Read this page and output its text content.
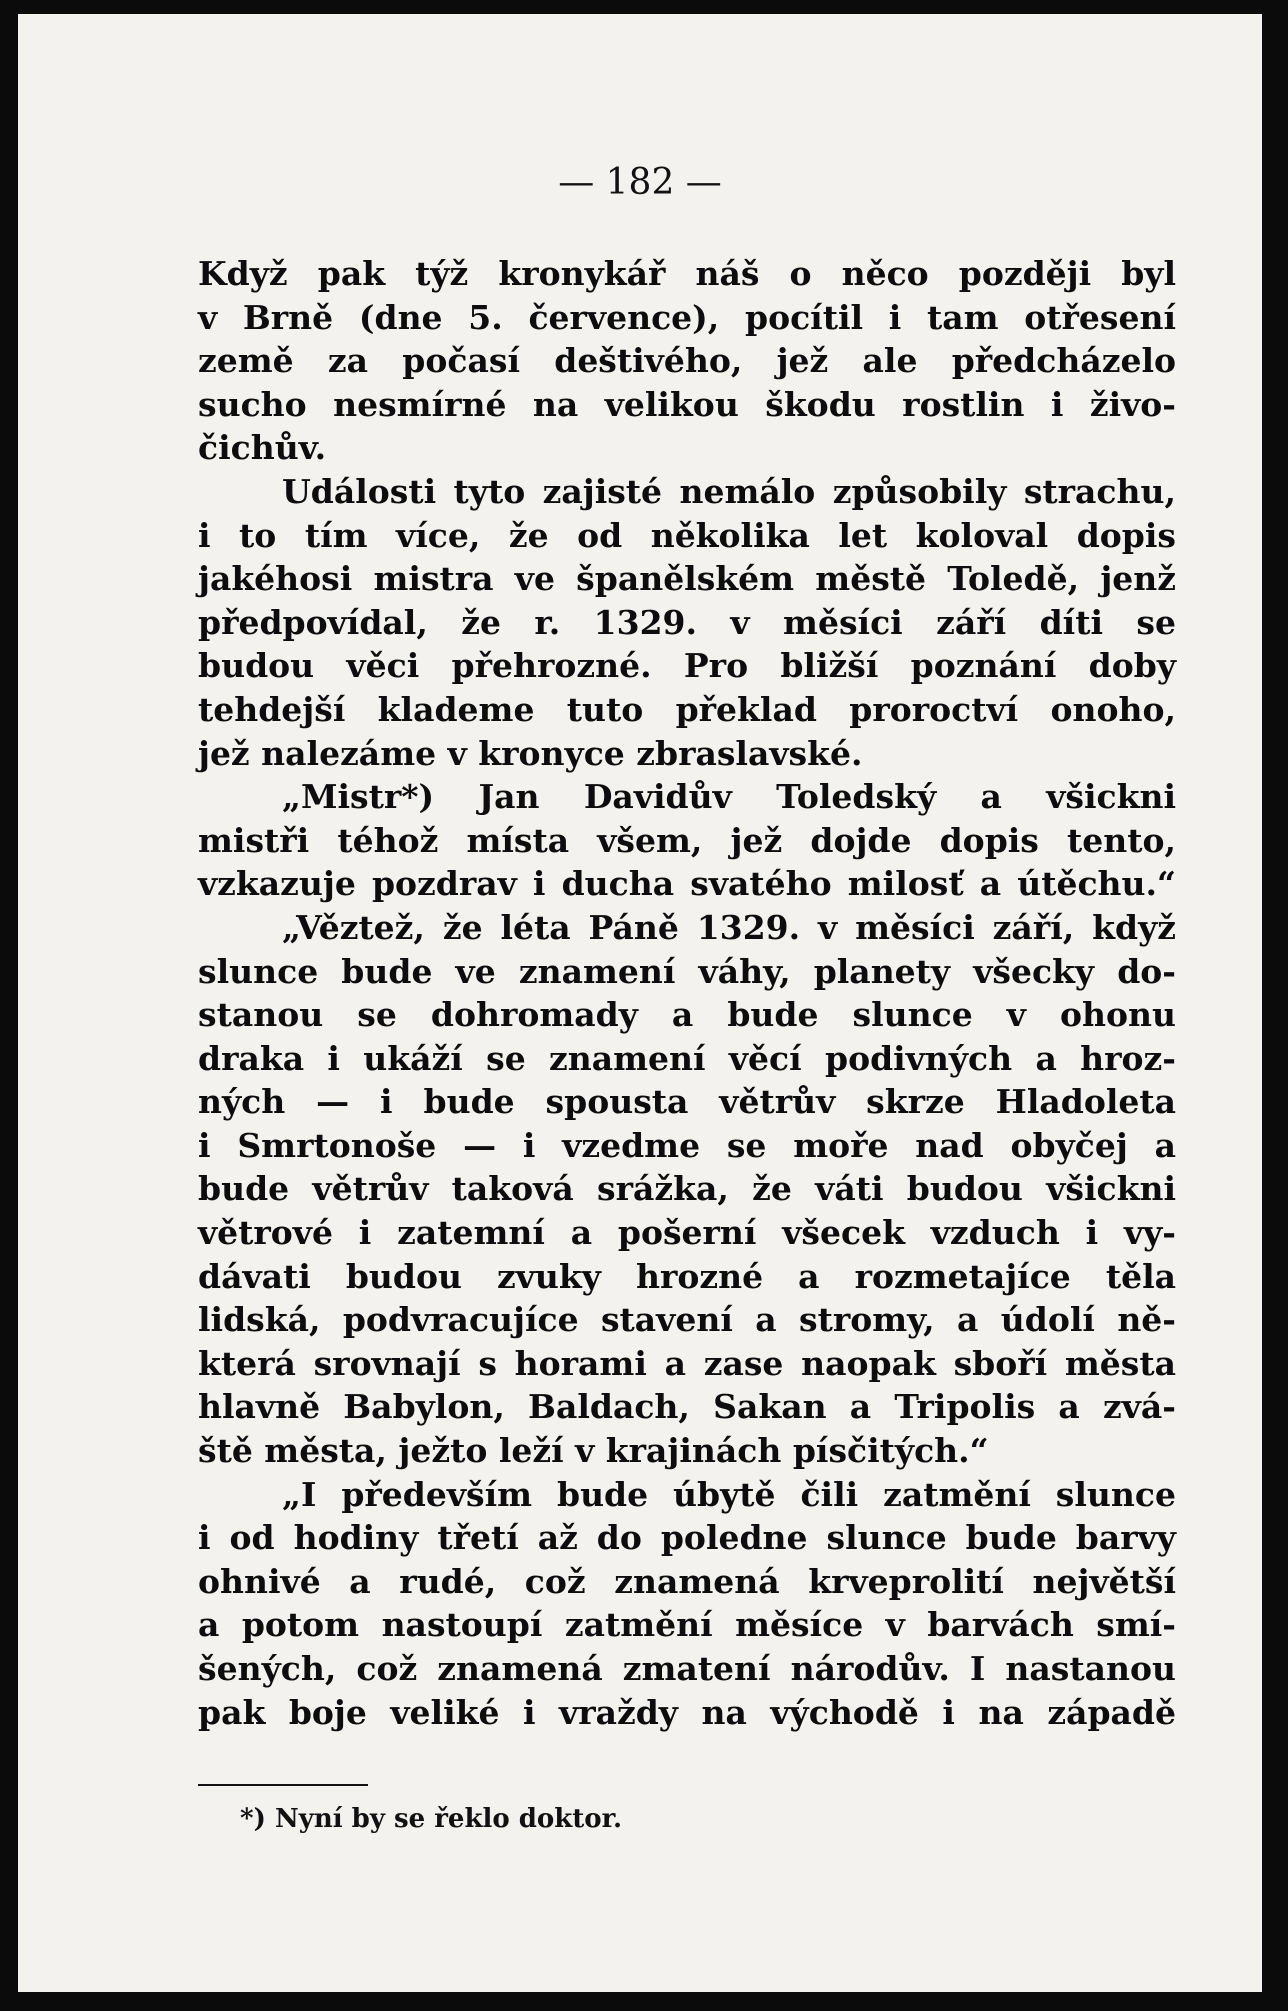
— 182 —
Když pak týž kronykář náš o něco později byl
v Brně (dne 5. července), pocítil i tam otřesení
země za počasí deštivého, jež ale předcházelo
sucho nesmírné na velikou škodu rostlin i živo-
čichův.
Události tyto zajisté nemálo způsobily strachu,
i to tím více, že od několika let koloval dopis
jakéhosi mistra ve španělském městě Toledě, jenž
předpovídal, že r. 1329. v měsíci září díti se
budou věci přehrozné. Pro bližší poznání doby
tehdejší klademe tuto překlad proroctví onoho,
jež nalezáme v kronyce zbraslavské.
„Mistr*) Jan Davidův Toledský a všickni
mistři téhož místa všem, jež dojde dopis tento,
vzkazuje pozdrav i ducha svatého milosť a útěchu.“
„Věztež, že léta Páně 1329. v měsíci září, když
slunce bude ve znamení váhy, planety všecky do-
stanou se dohromady a bude slunce v ohonu
draka i ukáží se znamení věcí podivných a hroz-
ných — i bude spousta větrův skrze Hladoleta
i Smrtonoše — i vzedme se moře nad obyčej a
bude větrův taková srážka, že váti budou všickni
větrové i zatemní a pošerní všecek vzduch i vy-
dávati budou zvuky hrozné a rozmetajíce těla
lidská, podvracujíce stavení a stromy, a údolí ně-
která srovnají s horami a zase naopak sboří města
hlavně Babylon, Baldach, Sakan a Tripolis a zvá-
ště města, ježto leží v krajinách písčitých.“
„I především bude úbytě čili zatmění slunce
i od hodiny třetí až do poledne slunce bude barvy
ohnivé a rudé, což znamená krveprolití největší
a potom nastoupí zatmění měsíce v barvách smí-
šených, což znamená zmatení národův. I nastanou
pak boje veliké i vraždy na východě i na západě
*) Nyní by se řeklo doktor.
